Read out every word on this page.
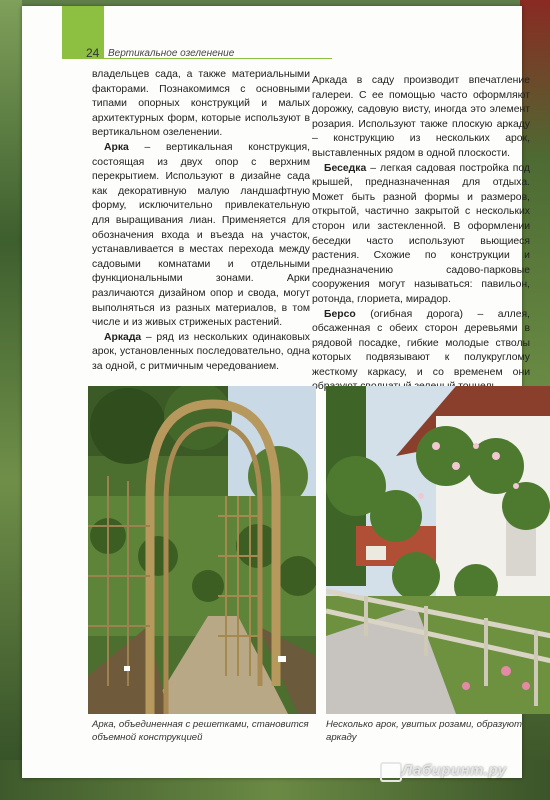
24 Вертикальное озеленение

владельцев сада, а также материальными факторами. Познакомимся с основными типами опорных конструкций и малых архитектурных форм, которые используют в вертикальном озеленении.

Арка – вертикальная конструкция, состоящая из двух опор с верхним перекрытием. Используют в дизайне сада как декоративную малую ландшафтную форму, исключительно привлекательную для выращивания лиан. Применяется для обозначения входа и въезда на участок, устанавливается в местах перехода между садовыми комнатами и отдельными функциональными зонами. Арки различаются дизайном опор и свода, могут выполняться из разных материалов, в том числе и из живых стриженых растений.

Аркада – ряд из нескольких одинаковых арок, установленных последовательно, одна за одной, с ритмичным чередованием.

Аркада в саду производит впечатление галереи. С ее помощью часто оформляют дорожку, садовую висту, иногда это элемент розария. Используют также плоскую аркаду – конструкцию из нескольких арок, выставленных рядом в одной плоскости.

Беседка – легкая садовая постройка под крышей, предназначенная для отдыха. Может быть разной формы и размеров, открытой, частично закрытой с нескольких сторон или застекленной. В оформлении беседки часто используют вьющиеся растения. Схожие по конструкции и предназначению садово-парковые сооружения могут называться: павильон, ротонда, глориета, мирадор.

Берсо (огибная дорога) – аллея, обсаженная с обеих сторон деревьями в рядовой посадке, гибкие молодые стволы которых подвязывают к полукруглому жесткому каркасу, и со временем они

Арка, объединенная с решетками, становится объемной конструкцией
Несколько арок, увитых розами, образуют аркаду
Лабиринт.ру
